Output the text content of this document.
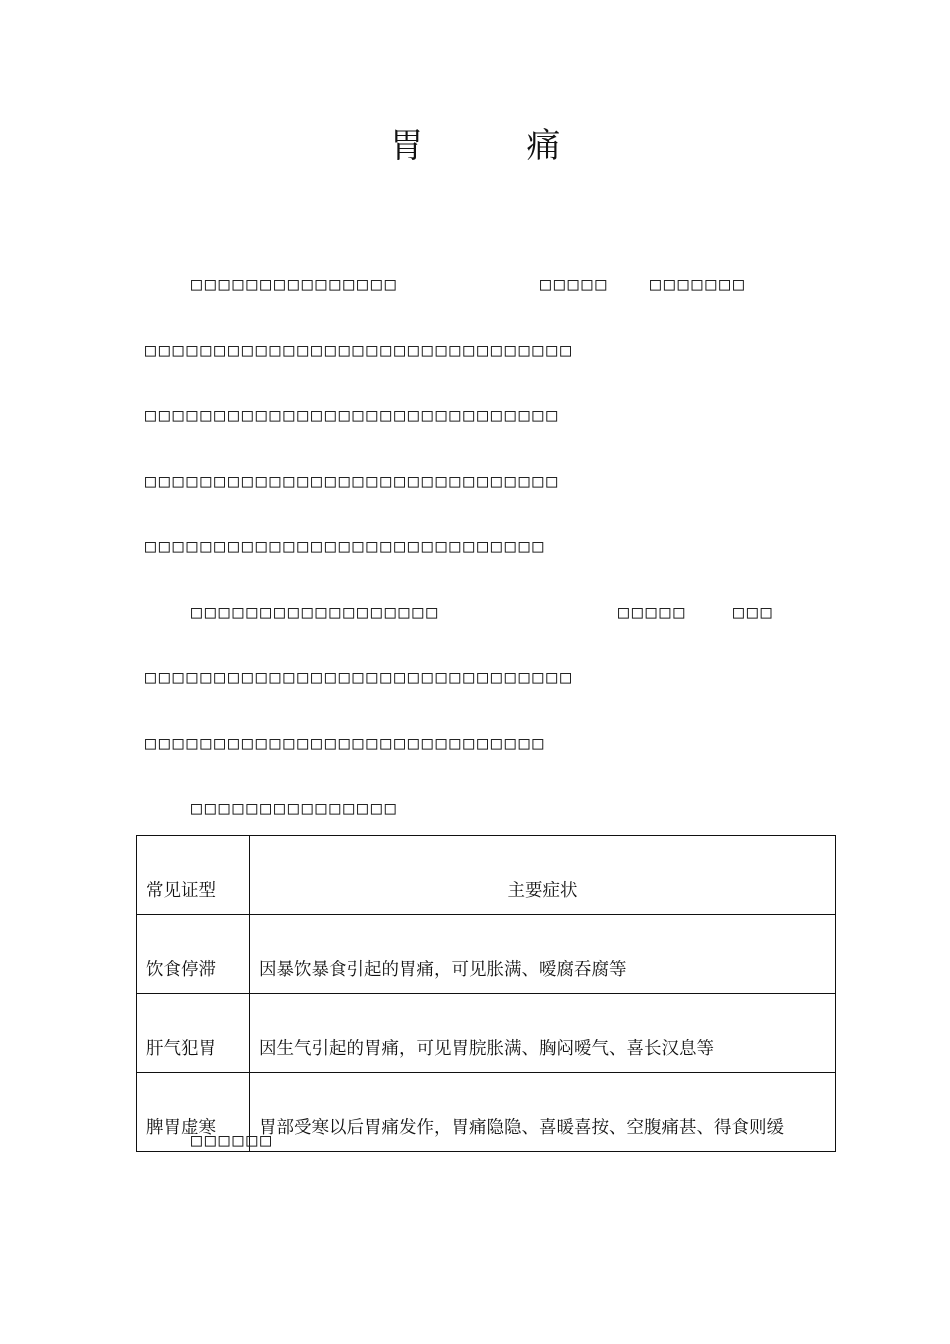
胃 痛
□□□□□□□□□□□□□□□	□□□□□ □□□□□□□
□□□□□□□□□□□□□□□□□□□□□□□□□□□□□□□
□□□□□□□□□□□□□□□□□□□□□□□□□□□□□□
□□□□□□□□□□□□□□□□□□□□□□□□□□□□□□
□□□□□□□□□□□□□□□□□□□□□□□□□□□□□
□□□□□□□□□□□□□□□□□□	□□□□□	□□□
□□□□□□□□□□□□□□□□□□□□□□□□□□□□□□□
□□□□□□□□□□□□□□□□□□□□□□□□□□□□□
□□□□□□□□□□□□□□□
常见证型	主要症状
饮食停滞	因暴饮暴食引起的胃痛，可见胀满、嗳腐吞腐等
肝气犯胃	因生气引起的胃痛，可见胃脘胀满、胸闷嗳气、喜长汉息等
脾胃虚寒	胃部受寒以后胃痛发作，胃痛隐隐、喜暖喜按、空腹痛甚、得食则缓
□□□□□□
